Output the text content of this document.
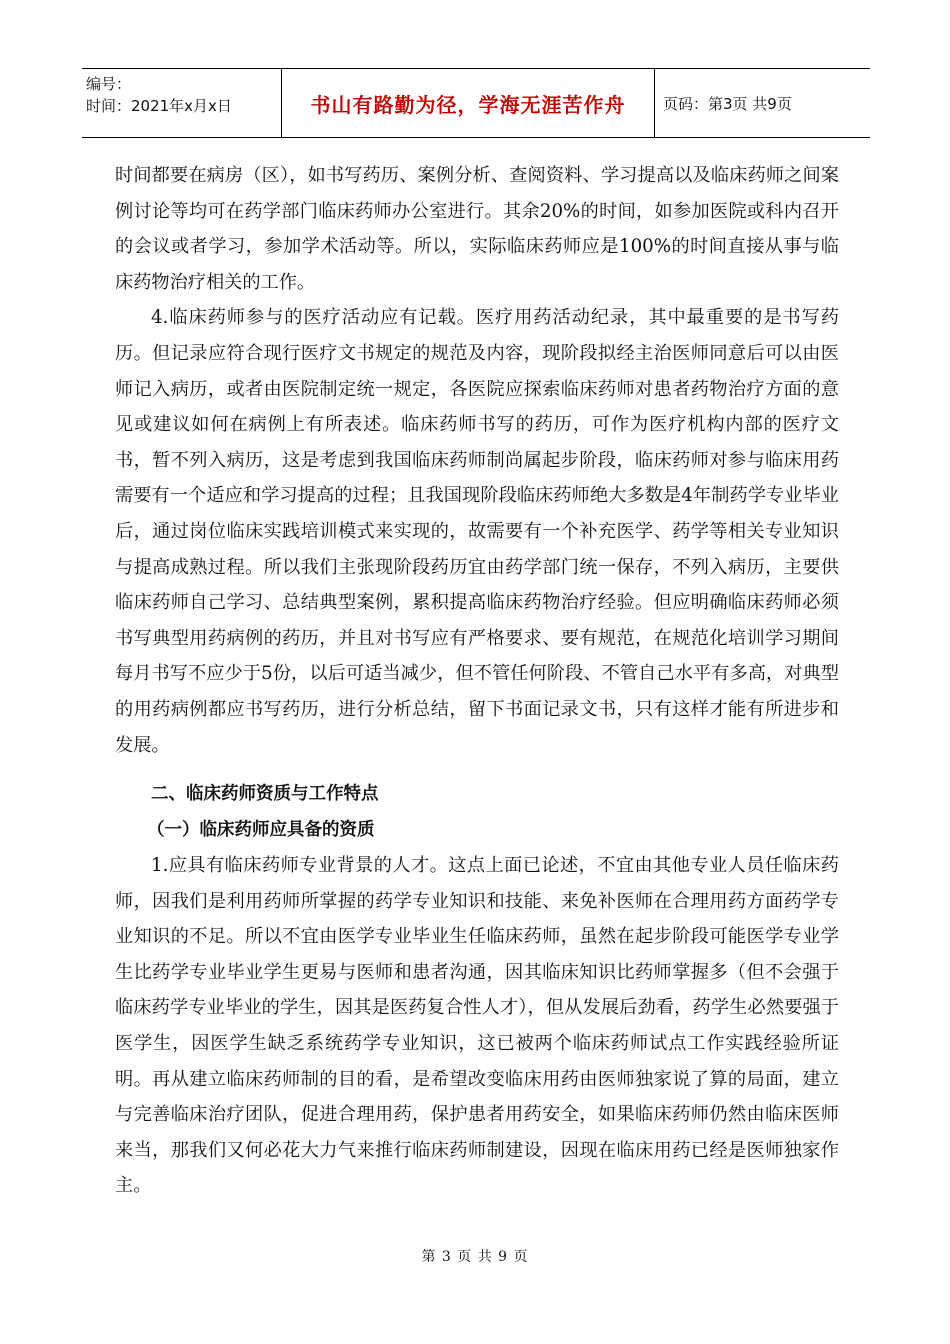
编号：
时间：2021年x月x日	书山有路勤为径，学海无涯苦作舟	页码：第3页 共9页

时间都要在病房（区），如书写药历、案例分析、查阅资料、学习提高以及临床药师之间案例讨论等均可在药学部门临床药师办公室进行。其余20%的时间，如参加医院或科内召开的会议或者学习，参加学术活动等。所以，实际临床药师应是100%的时间直接从事与临床药物治疗相关的工作。

4.临床药师参与的医疗活动应有记载。医疗用药活动纪录，其中最重要的是书写药历。但记录应符合现行医疗文书规定的规范及内容，现阶段拟经主治医师同意后可以由医师记入病历，或者由医院制定统一规定，各医院应探索临床药师对患者药物治疗方面的意见或建议如何在病例上有所表述。临床药师书写的药历，可作为医疗机构内部的医疗文书，暂不列入病历，这是考虑到我国临床药师制尚属起步阶段，临床药师对参与临床用药需要有一个适应和学习提高的过程；且我国现阶段临床药师绝大多数是4年制药学专业毕业后，通过岗位临床实践培训模式来实现的，故需要有一个补充医学、药学等相关专业知识与提高成熟过程。所以我们主张现阶段药历宜由药学部门统一保存，不列入病历，主要供临床药师自己学习、总结典型案例，累积提高临床药物治疗经验。但应明确临床药师必须书写典型用药病例的药历，并且对书写应有严格要求、要有规范，在规范化培训学习期间每月书写不应少于5份，以后可适当减少，但不管任何阶段、不管自己水平有多高，对典型的用药病例都应书写药历，进行分析总结，留下书面记录文书，只有这样才能有所进步和发展。

二、临床药师资质与工作特点
（一）临床药师应具备的资质

1.应具有临床药师专业背景的人才。这点上面已论述，不宜由其他专业人员任临床药师，因我们是利用药师所掌握的药学专业知识和技能、来免补医师在合理用药方面药学专业知识的不足。所以不宜由医学专业毕业生任临床药师，虽然在起步阶段可能医学专业学生比药学专业毕业学生更易与医师和患者沟通，因其临床知识比药师掌握多（但不会强于临床药学专业毕业的学生，因其是医药复合性人才），但从发展后劲看，药学生必然要强于医学生，因医学生缺乏系统药学专业知识，这已被两个临床药师试点工作实践经验所证明。再从建立临床药师制的目的看，是希望改变临床用药由医师独家说了算的局面，建立与完善临床治疗团队，促进合理用药，保护患者用药安全，如果临床药师仍然由临床医师来当，那我们又何必花大力气来推行临床药师制建设，因现在临床用药已经是医师独家作主。

第 3 页 共 9 页
